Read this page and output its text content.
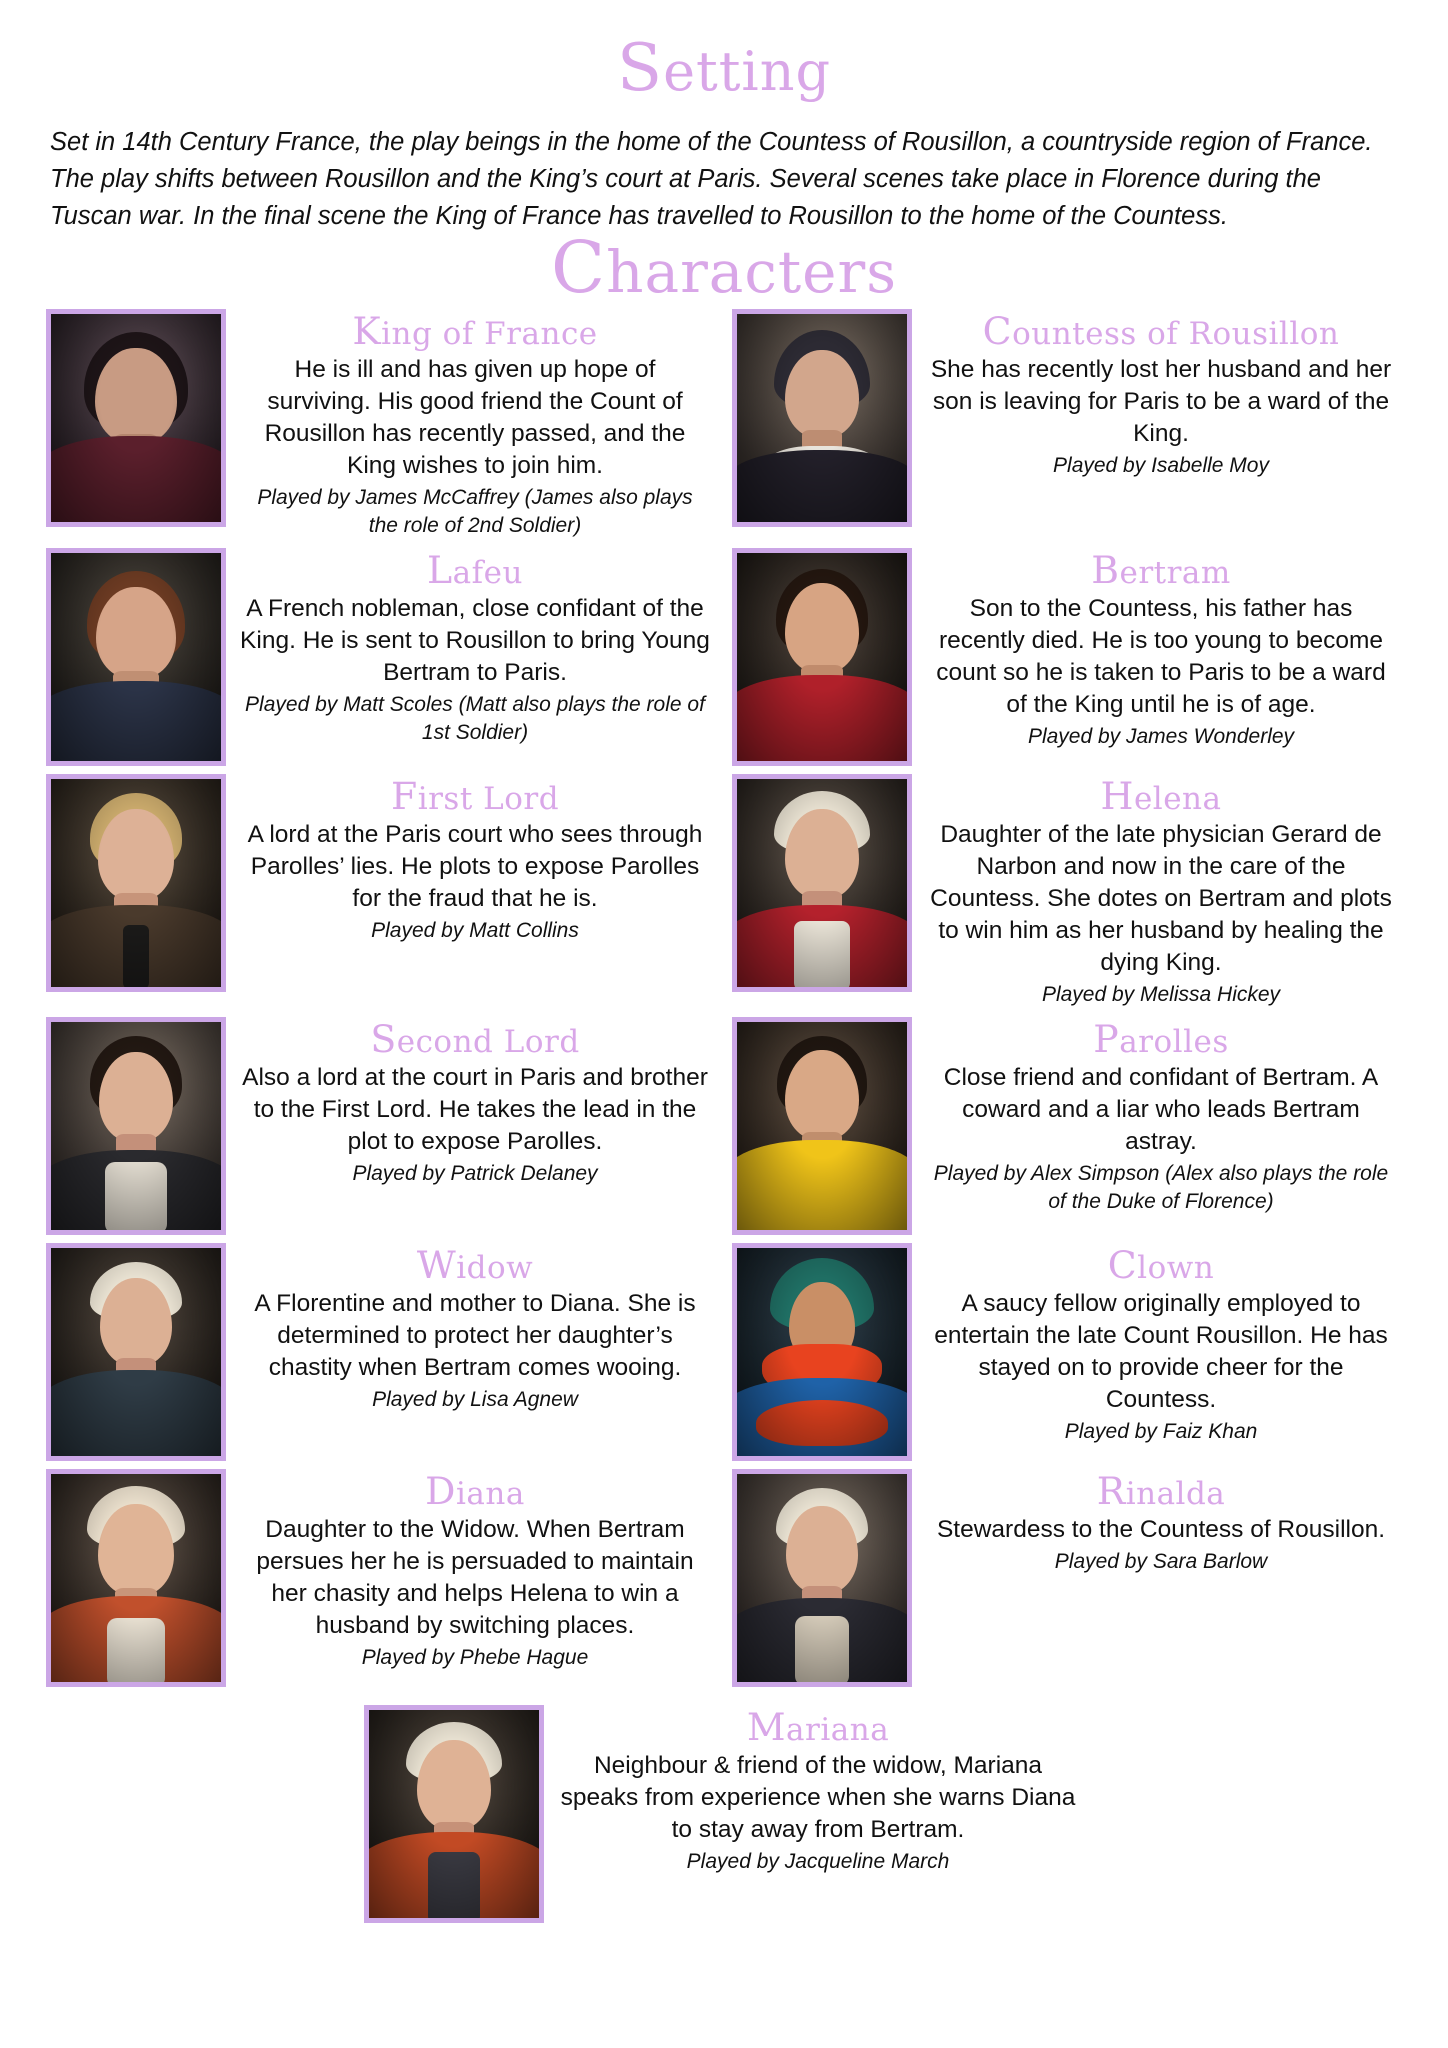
Setting

Set in 14th Century France, the play beings in the home of the Countess of Rousillon, a countryside region of France. The play shifts between Rousillon and the King’s court at Paris. Several scenes take place in Florence during the Tuscan war. In the final scene the King of France has travelled to Rousillon to the home of the Countess.

Characters
King of France

He is ill and has given up hope of surviving. His good friend the Count of Rousillon has recently passed, and the King wishes to join him.

Played by James McCaffrey (James also plays the role of 2nd Soldier)

Countess of Rousillon

She has recently lost her husband and her son is leaving for Paris to be a ward of the King.

Played by Isabelle Moy

Lafeu

A French nobleman, close confidant of the King. He is sent to Rousillon to bring Young Bertram to Paris.

Played by Matt Scoles (Matt also plays the role of 1st Soldier)

Bertram

Son to the Countess, his father has recently died. He is too young to become count so he is taken to Paris to be a ward of the King until he is of age.

Played by James Wonderley

First Lord

A lord at the Paris court who sees through Parolles’ lies. He plots to expose Parolles for the fraud that he is.

Played by Matt Collins

Helena

Daughter of the late physician Gerard de Narbon and now in the care of the Countess. She dotes on Bertram and plots to win him as her husband by healing the dying King.

Played by Melissa Hickey

Second Lord

Also a lord at the court in Paris and brother to the First Lord. He takes the lead in the plot to expose Parolles.

Played by Patrick Delaney

Parolles

Close friend and confidant of Bertram. A coward and a liar who leads Bertram astray.

Played by Alex Simpson (Alex also plays the role of the Duke of Florence)

Widow

A Florentine and mother to Diana. She is determined to protect her daughter’s chastity when Bertram comes wooing.

Played by Lisa Agnew

Clown

A saucy fellow originally employed to entertain the late Count Rousillon. He has stayed on to provide cheer for the Countess.

Played by Faiz Khan

Diana

Daughter to the Widow. When Bertram persues her he is persuaded to maintain her chasity and helps Helena to win a husband by switching places.

Played by Phebe Hague

Rinalda

Stewardess to the Countess of Rousillon.

Played by Sara Barlow

Mariana

Neighbour & friend of the widow, Mariana speaks from experience when she warns Diana to stay away from Bertram.

Played by Jacqueline March
